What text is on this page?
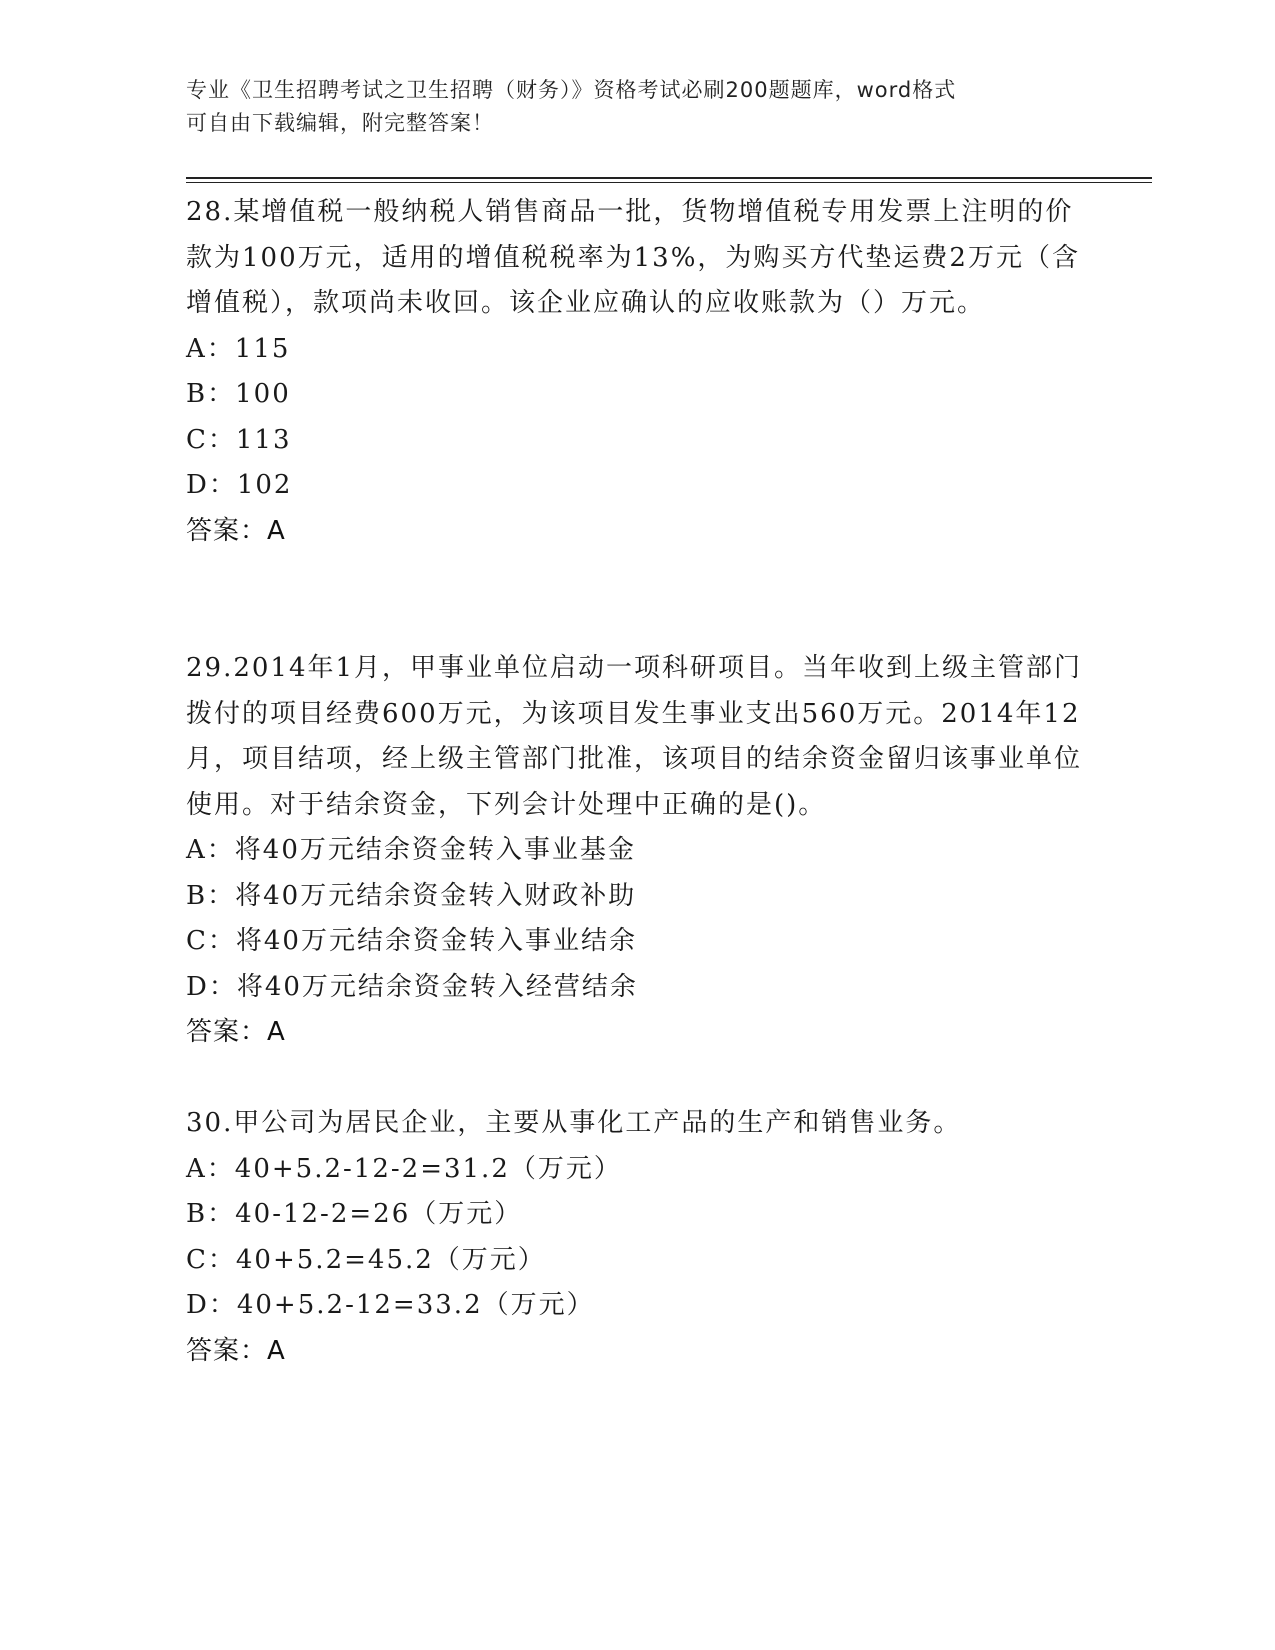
专业《卫生招聘考试之卫生招聘（财务）》资格考试必刷200题题库，word格式
可自由下载编辑，附完整答案！

28.某增值税一般纳税人销售商品一批，货物增值税专用发票上注明的价款为100万元，适用的增值税税率为13%，为购买方代垫运费2万元（含增值税），款项尚未收回。该企业应确认的应收账款为（）万元。

A：115
B：100
C：113
D：102
答案：A

29.2014年1月，甲事业单位启动一项科研项目。当年收到上级主管部门拨付的项目经费600万元，为该项目发生事业支出560万元。2014年12月，项目结项，经上级主管部门批准，该项目的结余资金留归该事业单位使用。对于结余资金，下列会计处理中正确的是()。

A：将40万元结余资金转入事业基金
B：将40万元结余资金转入财政补助
C：将40万元结余资金转入事业结余
D：将40万元结余资金转入经营结余
答案：A

30.甲公司为居民企业，主要从事化工产品的生产和销售业务。

A：40+5.2-12-2=31.2（万元）
B：40-12-2=26（万元）
C：40+5.2=45.2（万元）
D：40+5.2-12=33.2（万元）
答案：A
